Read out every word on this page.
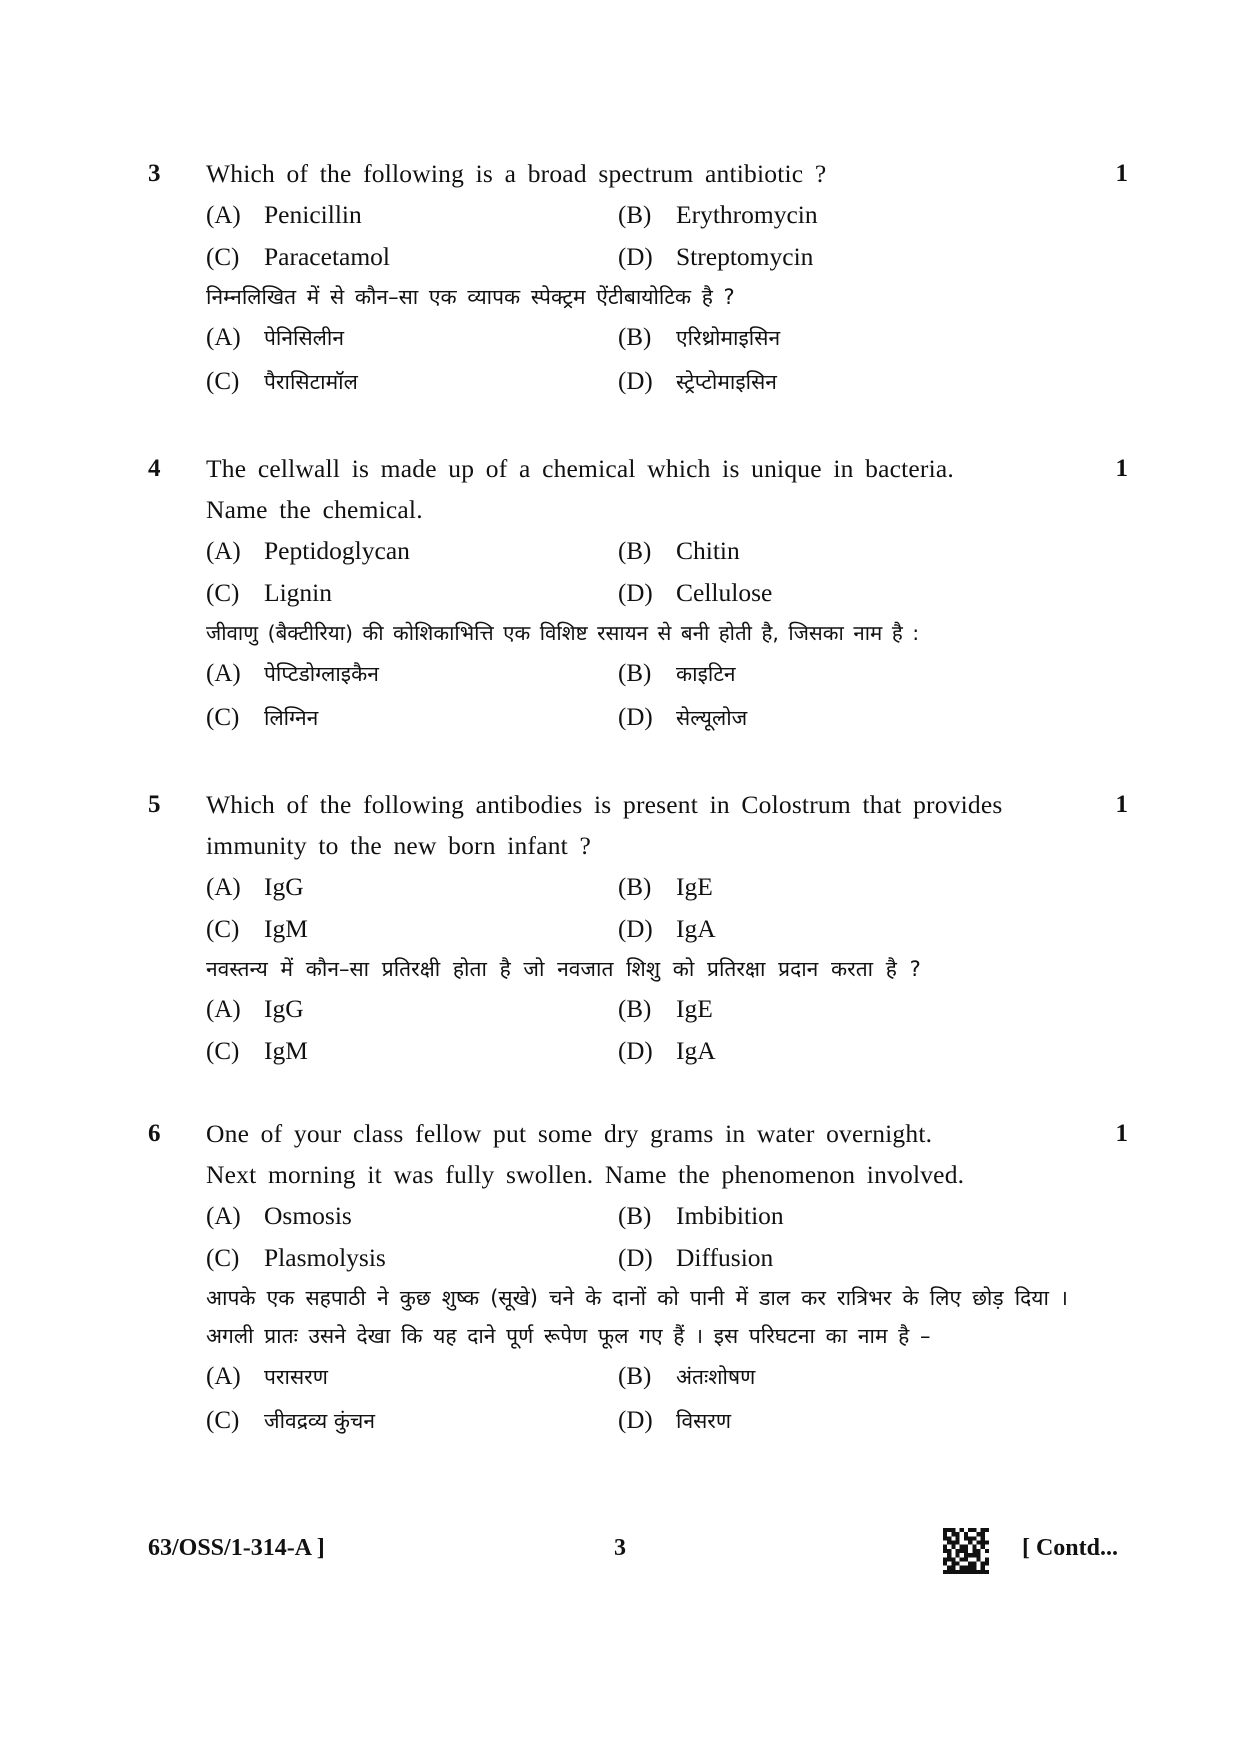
3	1
Which of the following is a broad spectrum antibiotic ?
(A) Penicillin	(B) Erythromycin
(C) Paracetamol	(D) Streptomycin
निम्नलिखित में से कौन–सा एक व्यापक स्पेक्ट्रम ऐंटीबायोटिक है ?
(A) पेनिसिलीन	(B) एरिथ्रोमाइसिन
(C) पैरासिटामॉल	(D) स्ट्रेप्टोमाइसिन
4	1
The cellwall is made up of a chemical which is unique in bacteria.
Name the chemical.
(A) Peptidoglycan	(B) Chitin
(C) Lignin	(D) Cellulose
जीवाणु (बैक्टीरिया) की कोशिकाभित्ति एक विशिष्ट रसायन से बनी होती है, जिसका नाम है :
(A) पेप्टिडोग्लाइकैन	(B) काइटिन
(C) लिग्निन	(D) सेल्यूलोज
5	1
Which of the following antibodies is present in Colostrum that provides
immunity to the new born infant ?
(A) IgG	(B) IgE
(C) IgM	(D) IgA
नवस्तन्य में कौन–सा प्रतिरक्षी होता है जो नवजात शिशु को प्रतिरक्षा प्रदान करता है ?
(A) IgG	(B) IgE
(C) IgM	(D) IgA
6	1
One of your class fellow put some dry grams in water overnight.
Next morning it was fully swollen. Name the phenomenon involved.
(A) Osmosis	(B) Imbibition
(C) Plasmolysis	(D) Diffusion
आपके एक सहपाठी ने कुछ शुष्क (सूखे) चने के दानों को पानी में डाल कर रात्रिभर के लिए छोड़ दिया । अगली प्रातः उसने देखा कि यह दाने पूर्ण रूपेण फूल गए हैं । इस परिघटना का नाम है –
(A) परासरण	(B) अंतःशोषण
(C) जीवद्रव्य कुंचन	(D) विसरण
63/OSS/1-314-A ]	3	[ Contd...
